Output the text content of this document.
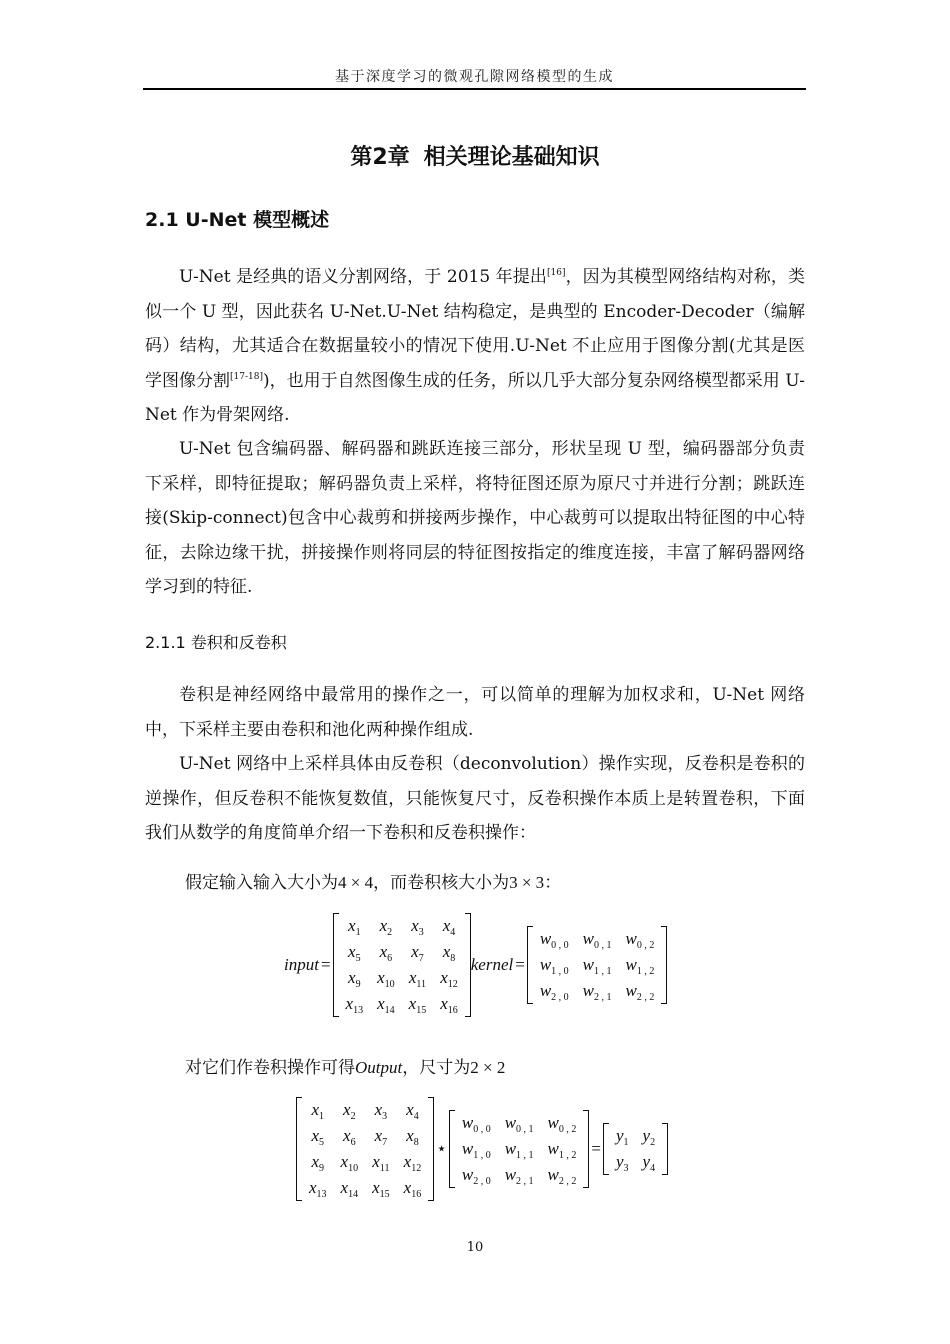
基于深度学习的微观孔隙网络模型的生成
第2章 相关理论基础知识
2.1 U-Net 模型概述

U-Net 是经典的语义分割网络，于 2015 年提出[16]，因为其模型网络结构对称，类似一个 U 型，因此获名 U-Net.U-Net 结构稳定，是典型的 Encoder-Decoder（编解码）结构，尤其适合在数据量较小的情况下使用.U-Net 不止应用于图像分割(尤其是医学图像分割[17-18])，也用于自然图像生成的任务，所以几乎大部分复杂网络模型都采用 U-Net 作为骨架网络.

U-Net 包含编码器、解码器和跳跃连接三部分，形状呈现 U 型，编码器部分负责下采样，即特征提取；解码器负责上采样，将特征图还原为原尺寸并进行分割；跳跃连接(Skip-connect)包含中心裁剪和拼接两步操作，中心裁剪可以提取出特征图的中心特征，去除边缘干扰，拼接操作则将同层的特征图按指定的维度连接，丰富了解码器网络学习到的特征.

2.1.1 卷积和反卷积

卷积是神经网络中最常用的操作之一，可以简单的理解为加权求和，U-Net 网络中，下采样主要由卷积和池化两种操作组成.

U-Net 网络中上采样具体由反卷积（deconvolution）操作实现，反卷积是卷积的逆操作，但反卷积不能恢复数值，只能恢复尺寸，反卷积操作本质上是转置卷积，下面我们从数学的角度简单介绍一下卷积和反卷积操作：

假定输入输入大小为4 × 4，而卷积核大小为3 × 3：
input =
$x_1$	$x_2$	$x_3$	$x_4$
$x_5$	$x_6$	$x_7$	$x_8$
$x_9$	$x_{10}$	$x_{11}$	$x_{12}$
$x_{13}$	$x_{14}$	$x_{15}$	$x_{16}$
kernel =
$w_{0 , 0}$	$w_{0 , 1}$	$w_{0 , 2}$
$w_{1 , 0}$	$w_{1 , 1}$	$w_{1 , 2}$
$w_{2 , 0}$	$w_{2 , 1}$	$w_{2 , 2}$
对它们作卷积操作可得Output，尺寸为2 × 2
$x_1$	$x_2$	$x_3$	$x_4$
$x_5$	$x_6$	$x_7$	$x_8$
$x_9$	$x_{10}$	$x_{11}$	$x_{12}$
$x_{13}$	$x_{14}$	$x_{15}$	$x_{16}$
⋆
$w_{0 , 0}$	$w_{0 , 1}$	$w_{0 , 2}$
$w_{1 , 0}$	$w_{1 , 1}$	$w_{1 , 2}$
$w_{2 , 0}$	$w_{2 , 1}$	$w_{2 , 2}$
=
$y_1$	$y_2$
$y_3$	$y_4$
10
